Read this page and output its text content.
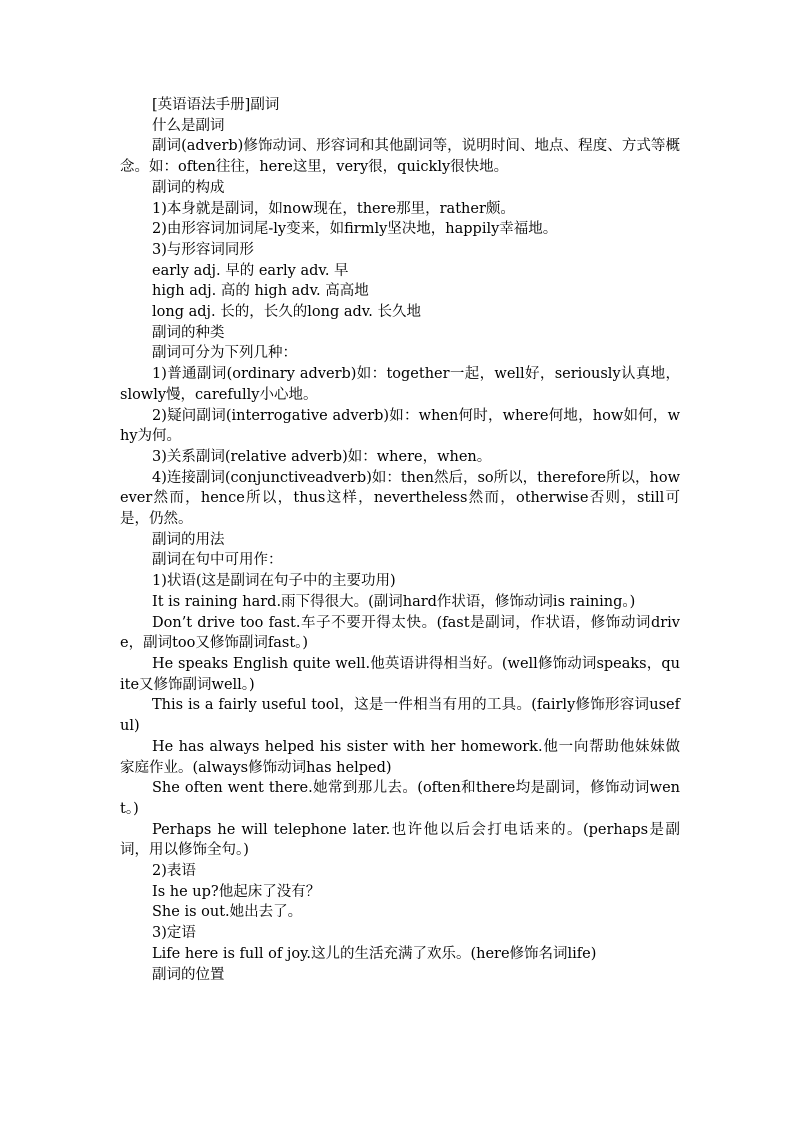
[英语语法手册]副词

什么是副词

副词(adverb)修饰动词、形容词和其他副词等，说明时间、地点、程度、方式等概念。如：often往往，here这里，very很，quickly很快地。

副词的构成

1)本身就是副词，如now现在，there那里，rather颇。

2)由形容词加词尾-ly变来，如firmly坚决地，happily幸福地。

3)与形容词同形

early adj. 早的 early adv. 早

high adj. 高的 high adv. 高高地

long adj. 长的，长久的long adv. 长久地

副词的种类

副词可分为下列几种：

1)普通副词(ordinary adverb)如：together一起，well好，seriously认真地，slowly慢，carefully小心地。

2)疑问副词(interrogative adverb)如：when何时，where何地，how如何，why为何。

3)关系副词(relative adverb)如：where，when。

4)连接副词(conjunctiveadverb)如：then然后，so所以，therefore所以，however然而，hence所以，thus这样，nevertheless然而，otherwise否则，still可是，仍然。

副词的用法

副词在句中可用作：

1)状语(这是副词在句子中的主要功用)

It is raining hard.雨下得很大。(副词hard作状语，修饰动词is raining。)

Don’t drive too fast.车子不要开得太快。(fast是副词，作状语，修饰动词drive，副词too又修饰副词fast。)

He speaks English quite well.他英语讲得相当好。(well修饰动词speaks，quite又修饰副词well。)

This is a fairly useful tool，这是一件相当有用的工具。(fairly修饰形容词useful)

He has always helped his sister with her homework.他一向帮助他妹妹做家庭作业。(always修饰动词has helped)

She often went there.她常到那儿去。(often和there均是副词，修饰动词went。)

Perhaps he will telephone later.也许他以后会打电话来的。(perhaps是副词，用以修饰全句。)

2)表语

Is he up?他起床了没有？

She is out.她出去了。

3)定语

Life here is full of joy.这儿的生活充满了欢乐。(here修饰名词life)

副词的位置
